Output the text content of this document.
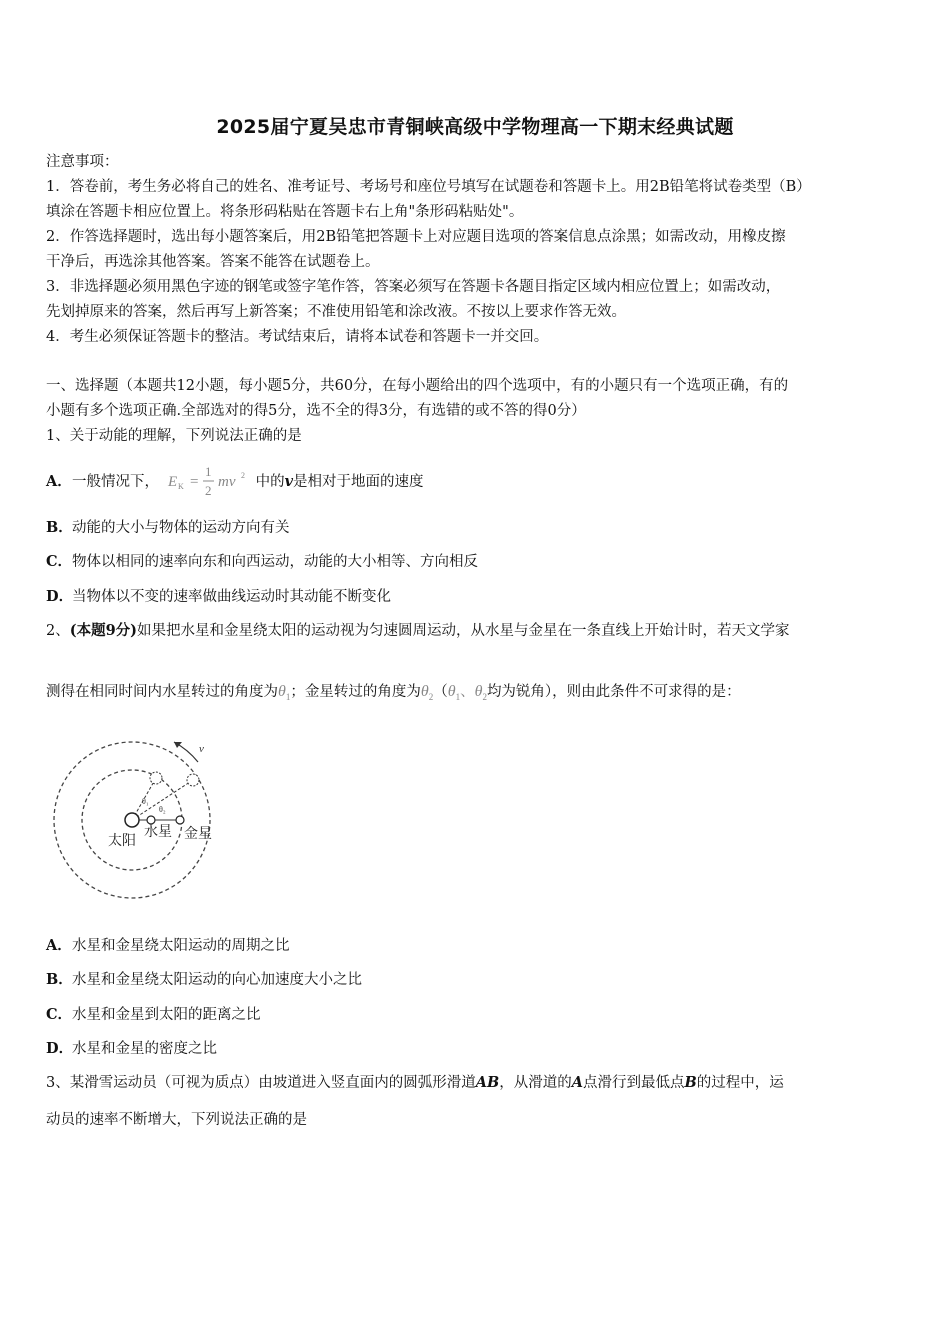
2025届宁夏吴忠市青铜峡高级中学物理高一下期末经典试题
注意事项：
1．答卷前，考生务必将自己的姓名、准考证号、考场号和座位号填写在试题卷和答题卡上。用2B铅笔将试卷类型（B）
填涂在答题卡相应位置上。将条形码粘贴在答题卡右上角"条形码粘贴处"。
2．作答选择题时，选出每小题答案后，用2B铅笔把答题卡上对应题目选项的答案信息点涂黑；如需改动，用橡皮擦
干净后，再选涂其他答案。答案不能答在试题卷上。
3．非选择题必须用黑色字迹的钢笔或签字笔作答，答案必须写在答题卡各题目指定区域内相应位置上；如需改动，
先划掉原来的答案，然后再写上新答案；不准使用铅笔和涂改液。不按以上要求作答无效。
4．考生必须保证答题卡的整洁。考试结束后，请将本试卷和答题卡一并交回。
一、选择题（本题共12小题，每小题5分，共60分，在每小题给出的四个选项中，有的小题只有一个选项正确，有的
小题有多个选项正确.全部选对的得5分，选不全的得3分，有选错的或不答的得0分）
1、关于动能的理解，下列说法正确的是
A．一般情况下， E K =
1
2
mv 2 中的v是相对于地面的速度
B．动能的大小与物体的运动方向有关
C．物体以相同的速率向东和向西运动，动能的大小相等、方向相反
D．当物体以不变的速率做曲线运动时其动能不断变化
2、(本题9分)如果把水星和金星绕太阳的运动视为匀速圆周运动，从水星与金星在一条直线上开始计时，若天文学家
测得在相同时间内水星转过的角度为$\theta_1$；金星转过的角度为$\theta_2(\theta_1$、$\theta_2$均为锐角），则由此条件不可求得的是：
v
θ₁
θ₂
太阳
水星 金星
A．水星和金星绕太阳运动的周期之比
B．水星和金星绕太阳运动的向心加速度大小之比
C．水星和金星到太阳的距离之比
D．水星和金星的密度之比
3、某滑雪运动员（可视为质点）由坡道进入竖直面内的圆弧形滑道AB，从滑道的A点滑行到最低点B的过程中，运
动员的速率不断增大，下列说法正确的是
